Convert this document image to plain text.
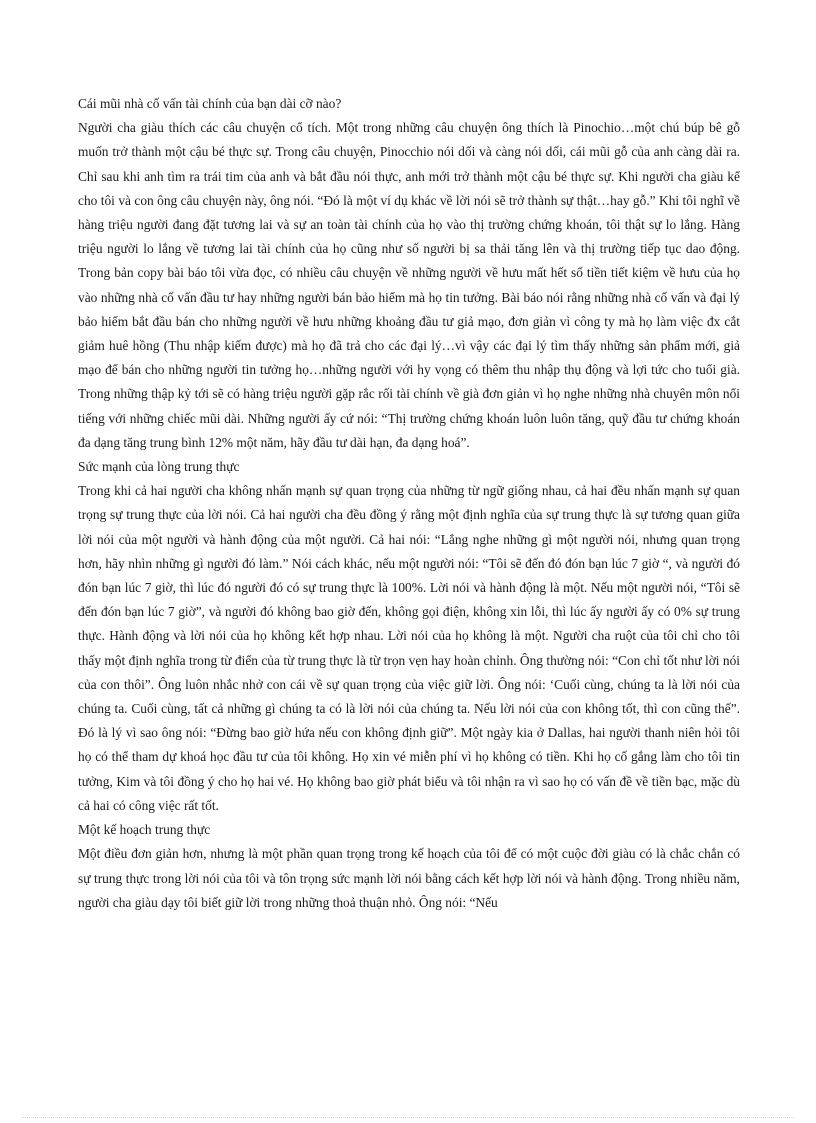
Cái mũi nhà cố vấn tài chính của bạn dài cỡ nào?

Người cha giàu thích các câu chuyện cổ tích. Một trong những câu chuyện ông thích là Pinochio…một chú búp bê gỗ muốn trở thành một cậu bé thực sự. Trong câu chuyện, Pinocchio nói dối và càng nói dối, cái mũi gỗ của anh càng dài ra. Chỉ sau khi anh tìm ra trái tim của anh và bắt đầu nói thực, anh mới trở thành một cậu bé thực sự. Khi người cha giàu kể cho tôi và con ông câu chuyện này, ông nói. “Đó là một ví dụ khác về lời nói sẽ trở thành sự thật…hay gỗ.” Khi tôi nghĩ về hàng triệu người đang đặt tương lai và sự an toàn tài chính của họ vào thị trường chứng khoán, tôi thật sự lo lắng. Hàng triệu người lo lắng về tương lai tài chính của họ cũng như số người bị sa thải tăng lên và thị trường tiếp tục dao động. Trong bản copy bài báo tôi vừa đọc, có nhiều câu chuyện về những người về hưu mất hết số tiền tiết kiệm về hưu của họ vào những nhà cố vấn đầu tư hay những người bán bảo hiểm mà họ tin tưởng. Bài báo nói rằng những nhà cố vấn và đại lý bảo hiểm bắt đầu bán cho những người về hưu những khoảng đầu tư giả mạo, đơn giản vì công ty mà họ làm việc đx cắt giảm huê hồng (Thu nhập kiếm được) mà họ đã trả cho các đại lý…vì vậy các đại lý tìm thấy những sản phẩm mới, giả mạo để bán cho những người tin tưởng họ…những người với hy vọng có thêm thu nhập thụ động và lợi tức cho tuổi già. Trong những thập kỷ tới sẽ có hàng triệu người gặp rắc rối tài chính về già đơn giản vì họ nghe những nhà chuyên môn nổi tiếng với những chiếc mũi dài. Những người ấy cứ nói: “Thị trường chứng khoán luôn luôn tăng, quỹ đầu tư chứng khoán đa dạng tăng trung bình 12% một năm, hãy đầu tư dài hạn, đa dạng hoá”.

Sức mạnh của lòng trung thực

Trong khi cả hai người cha không nhấn mạnh sự quan trọng của những từ ngữ giống nhau, cả hai đều nhấn mạnh sự quan trọng sự trung thực của lời nói. Cả hai người cha đều đồng ý rằng một định nghĩa của sự trung thực là sự tương quan giữa lời nói của một người và hành động của một người. Cả hai nói: “Lắng nghe những gì một người nói, nhưng quan trọng hơn, hãy nhìn những gì người đó làm.” Nói cách khác, nếu một người nói: “Tôi sẽ đến đó đón bạn lúc 7 giờ “, và người đó đón bạn lúc 7 giờ, thì lúc đó người đó có sự trung thực là 100%. Lời nói và hành động là một. Nếu một người nói, “Tôi sẽ đến đón bạn lúc 7 giờ”, và người đó không bao giờ đến, không gọi điện, không xin lỗi, thì lúc ấy người ấy có 0% sự trung thực. Hành động và lời nói của họ không kết hợp nhau. Lời nói của họ không là một. Người cha ruột của tôi chỉ cho tôi thấy một định nghĩa trong từ điển của từ trung thực là từ trọn vẹn hay hoàn chỉnh. Ông thường nói: “Con chỉ tốt như lời nói của con thôi”. Ông luôn nhắc nhở con cái về sự quan trọng của việc giữ lời. Ông nói: ‘Cuối cùng, chúng ta là lời nói của chúng ta. Cuối cùng, tất cả những gì chúng ta có là lời nói của chúng ta. Nếu lời nói của con không tốt, thì con cũng thế”. Đó là lý vì sao ông nói: “Đừng bao giờ hứa nếu con không định giữ”. Một ngày kia ở Dallas, hai người thanh niên hỏi tôi họ có thể tham dự khoá học đầu tư của tôi không. Họ xin vé miễn phí vì họ không có tiền. Khi họ cố gắng làm cho tôi tin tưởng, Kim và tôi đồng ý cho họ hai vé. Họ không bao giờ phát biểu và tôi nhận ra vì sao họ có vấn đề về tiền bạc, mặc dù cả hai có công việc rất tốt.

Một kế hoạch trung thực

Một điều đơn giản hơn, nhưng là một phần quan trọng trong kế hoạch của tôi để có một cuộc đời giàu có là chắc chắn có sự trung thực trong lời nói của tôi và tôn trọng sức mạnh lời nói bằng cách kết hợp lời nói và hành động. Trong nhiều năm, người cha giàu dạy tôi biết giữ lời trong những thoả thuận nhỏ. Ông nói: “Nếu
